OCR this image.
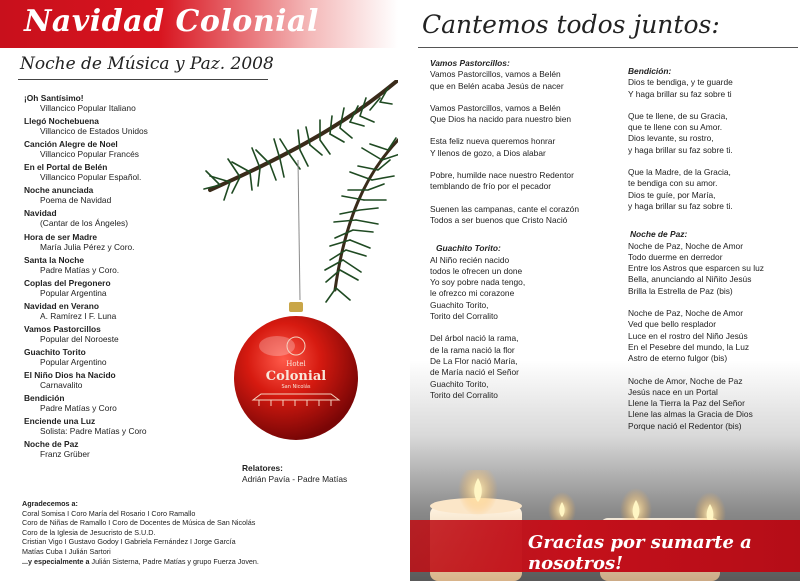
Navidad Colonial
Noche de Música y Paz. 2008
Hotel
Colonial
San Nicolás
¡Oh Santísimo!
Villancico Popular Italiano
Llegó Nochebuena
Villancico de Estados Unidos
Canción Alegre de Noel
Villancico Popular Francés
En el Portal de Belén
Villancico Popular Español.
Noche anunciada
Poema de Navidad
Navidad
(Cantar de los Ángeles)
Hora de ser Madre
María Julia Pérez y Coro.
Santa la Noche
Padre Matías y Coro.
Coplas del Pregonero
Popular Argentina
Navidad en Verano
A. Ramírez I F. Luna
Vamos Pastorcillos
Popular del Noroeste
Guachito Torito
Popular Argentino
El Niño Dios ha Nacido
Carnavalito
Bendición
Padre Matías y Coro
Enciende una Luz
Solista: Padre Matías y Coro
Noche de Paz
Franz Grüber
Relatores:
Adrián Pavía - Padre Matías
Agradecemos a:
Coral Somisa I Coro María del Rosario I Coro Ramallo
Coro de Niñas de Ramallo I Coro de Docentes de Música de San Nicolás
Coro de la Iglesia de Jesucristo de S.U.D.
Cristian Vigo I Gustavo Godoy I Gabriela Fernández I Jorge García
Matías Cuba I Julián Sartori
...y especialmente a Julián Sisterna, Padre Matías y grupo Fuerza Joven.
Cantemos todos juntos:
Vamos Pastorcillos:
Vamos Pastorcillos, vamos a Belén
que en Belén acaba Jesús de nacer
Vamos Pastorcillos, vamos a Belén
Que Dios ha nacido para nuestro bien
Esta feliz nueva queremos honrar
Y llenos de gozo, a Dios alabar
Pobre, humilde nace nuestro Redentor
temblando de frío por el pecador
Suenen las campanas, cante el corazón
Todos a ser buenos que Cristo Nació
Guachito Torito:
Al Niño recién nacido
todos le ofrecen un done
Yo soy pobre nada tengo,
le ofrezco mi corazone
Guachito Torito,
Torito del Corralito
Del árbol nació la rama,
de la rama nació la flor
De La Flor nació María,
de María nació el Señor
Guachito Torito,
Torito del Corralito
Bendición:
Dios te bendiga, y te guarde
Y haga brillar su faz sobre ti
Que te llene, de su Gracia,
que te llene con su Amor.
Dios levante, su rostro,
y haga brillar su faz sobre ti.
Que la Madre, de la Gracia,
te bendiga con su amor.
Dios te guíe, por María,
y haga brillar su faz sobre ti.
Noche de Paz:
Noche de Paz, Noche de Amor
Todo duerme en derredor
Entre los Astros que esparcen su luz
Bella, anunciando al Niñito Jesús
Brilla la Estrella de Paz (bis)
Noche de Paz, Noche de Amor
Ved que bello resplador
Luce en el rostro del Niño Jesús
En el Pesebre del mundo, la Luz
Astro de eterno fulgor (bis)
Noche de Amor, Noche de Paz
Jesús nace en un Portal
Llene la Tierra la Paz del Señor
Llene las almas la Gracia de Dios
Porque nació el Redentor (bis)
Gracias por sumarte a nosotros!
